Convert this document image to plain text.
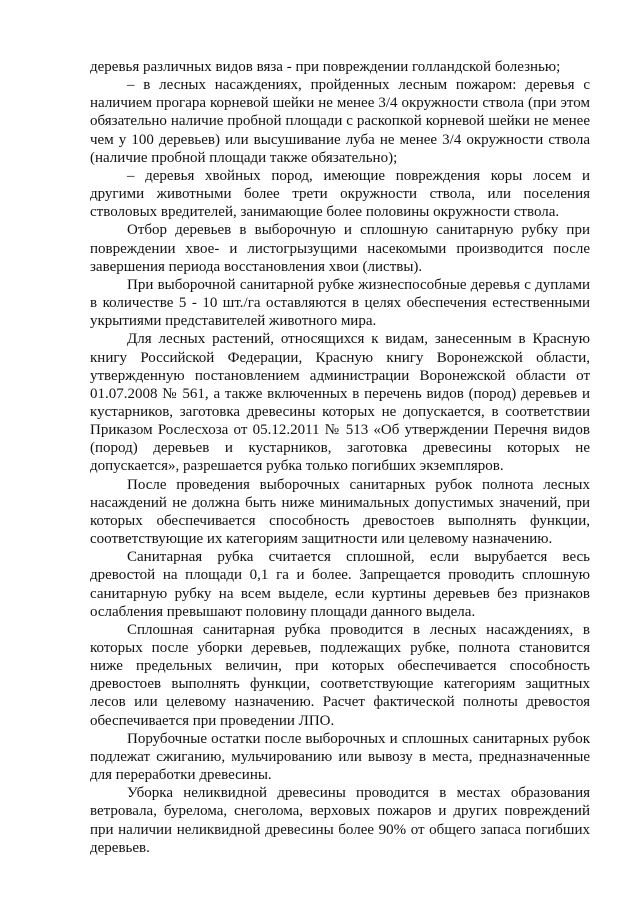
деревья различных видов вяза - при повреждении голландской болезнью;

– в лесных насаждениях, пройденных лесным пожаром: деревья с наличием прогара корневой шейки не менее 3/4 окружности ствола (при этом обязательно наличие пробной площади с раскопкой корневой шейки не менее чем у 100 деревьев) или высушивание луба не менее 3/4 окружности ствола (наличие пробной площади также обязательно);

– деревья хвойных пород, имеющие повреждения коры лосем и другими животными более трети окружности ствола, или поселения стволовых вредителей, занимающие более половины окружности ствола.

Отбор деревьев в выборочную и сплошную санитарную рубку при повреждении хвое- и листогрызущими насекомыми производится после завершения периода восстановления хвои (листвы).

При выборочной санитарной рубке жизнеспособные деревья с дуплами в количестве 5 - 10 шт./га оставляются в целях обеспечения естественными укрытиями представителей животного мира.

Для лесных растений, относящихся к видам, занесенным в Красную книгу Российской Федерации, Красную книгу Воронежской области, утвержденную постановлением администрации Воронежской области от 01.07.2008 № 561, а также включенных в перечень видов (пород) деревьев и кустарников, заготовка древесины которых не допускается, в соответствии Приказом Рослесхоза от 05.12.2011 № 513 «Об утверждении Перечня видов (пород) деревьев и кустарников, заготовка древесины которых не допускается», разрешается рубка только погибших экземпляров.

После проведения выборочных санитарных рубок полнота лесных насаждений не должна быть ниже минимальных допустимых значений, при которых обеспечивается способность древостоев выполнять функции, соответствующие их категориям защитности или целевому назначению.

Санитарная рубка считается сплошной, если вырубается весь древостой на площади 0,1 га и более. Запрещается проводить сплошную санитарную рубку на всем выделе, если куртины деревьев без признаков ослабления превышают половину площади данного выдела.

Сплошная санитарная рубка проводится в лесных насаждениях, в которых после уборки деревьев, подлежащих рубке, полнота становится ниже предельных величин, при которых обеспечивается способность древостоев выполнять функции, соответствующие категориям защитных лесов или целевому назначению. Расчет фактической полноты древостоя обеспечивается при проведении ЛПО.

Порубочные остатки после выборочных и сплошных санитарных рубок подлежат сжиганию, мульчированию или вывозу в места, предназначенные для переработки древесины.

Уборка неликвидной древесины проводится в местах образования ветровала, бурелома, снеголома, верховых пожаров и других повреждений при наличии неликвидной древесины более 90% от общего запаса погибших деревьев.
